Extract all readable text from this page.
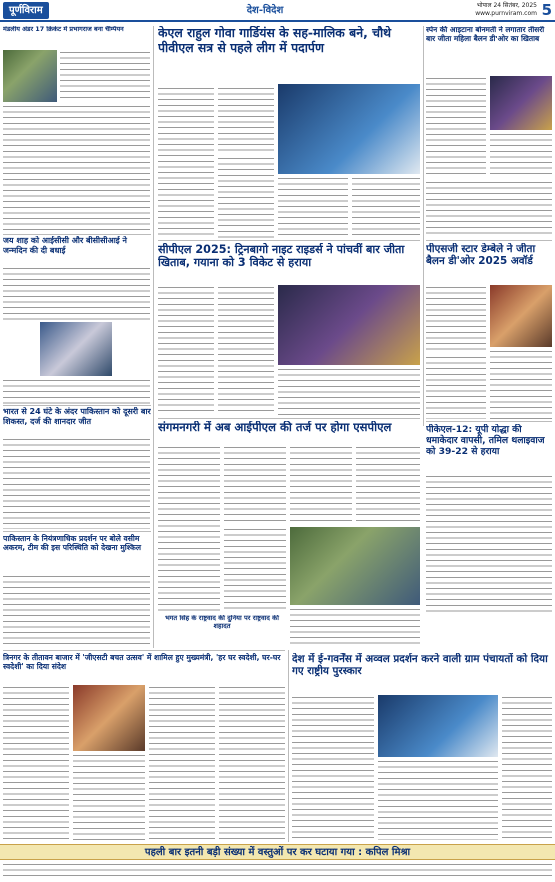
पूर्णविराम	देश-विदेश	भोपाल 24 सितंबर, 2025
www.purnviram.com 5
मंडलीय अंडर 17 क्रिकेट में प्रभागराज बना चैंम्पियन
जय शाह को आईसीसी और बीसीसीआई ने जन्मदिन की दी बधाई
भारत से 24 घंटे के अंदर पाकिस्तान को दूसरी बार शिकस्त, दर्ज की शानदार जीत
पाकिस्तान के नियंत्रणाधिक प्रदर्शन पर बोले वसीम अकरम, टीम की इस परिस्थिति को देखना मुश्किल
केएल राहुल गोवा गार्डियंस के सह-मालिक बने, चौथे पीवीएल सत्र से पहले लीग में पदार्पण
स्पेन की आइटाना बोनमती ने लगातार तीसरी बार जीता महिला बैलन डी'ओर का खिताब
सीपीएल 2025: ट्रिनबागो नाइट राइडर्स ने पांचवीं बार जीता खिताब, गयाना को 3 विकेट से हराया
पीएसजी स्टार डेम्बेले ने जीता बैलन डी'ओर 2025 अवॉर्ड
संगमनगरी में अब आईपीएल की तर्ज पर होगा एसपीएल	पीकेएल-12: यूपी योद्धा की धमाकेदार वापसी, तमिल थलाइवाज को 39-22 से हराया
भगत सिंह के राष्ट्रवाद की दुनिया पर राष्ट्रवाद की शहादत
त्रिनगर के तीतावन बाजार में 'जीएसटी बचत उत्सव' में शामिल हुए मुख्यमंत्री, 'हर घर स्वदेशी, घर-घर स्वदेशी' का दिया संदेश
देश में ई-गवर्नेंस में अव्वल प्रदर्शन करने वाली ग्राम पंचायतों को दिया गए राष्ट्रीय पुरस्कार
पहली बार इतनी बड़ी संख्या में वस्तुओं पर कर घटाया गया : कपिल मिश्रा
